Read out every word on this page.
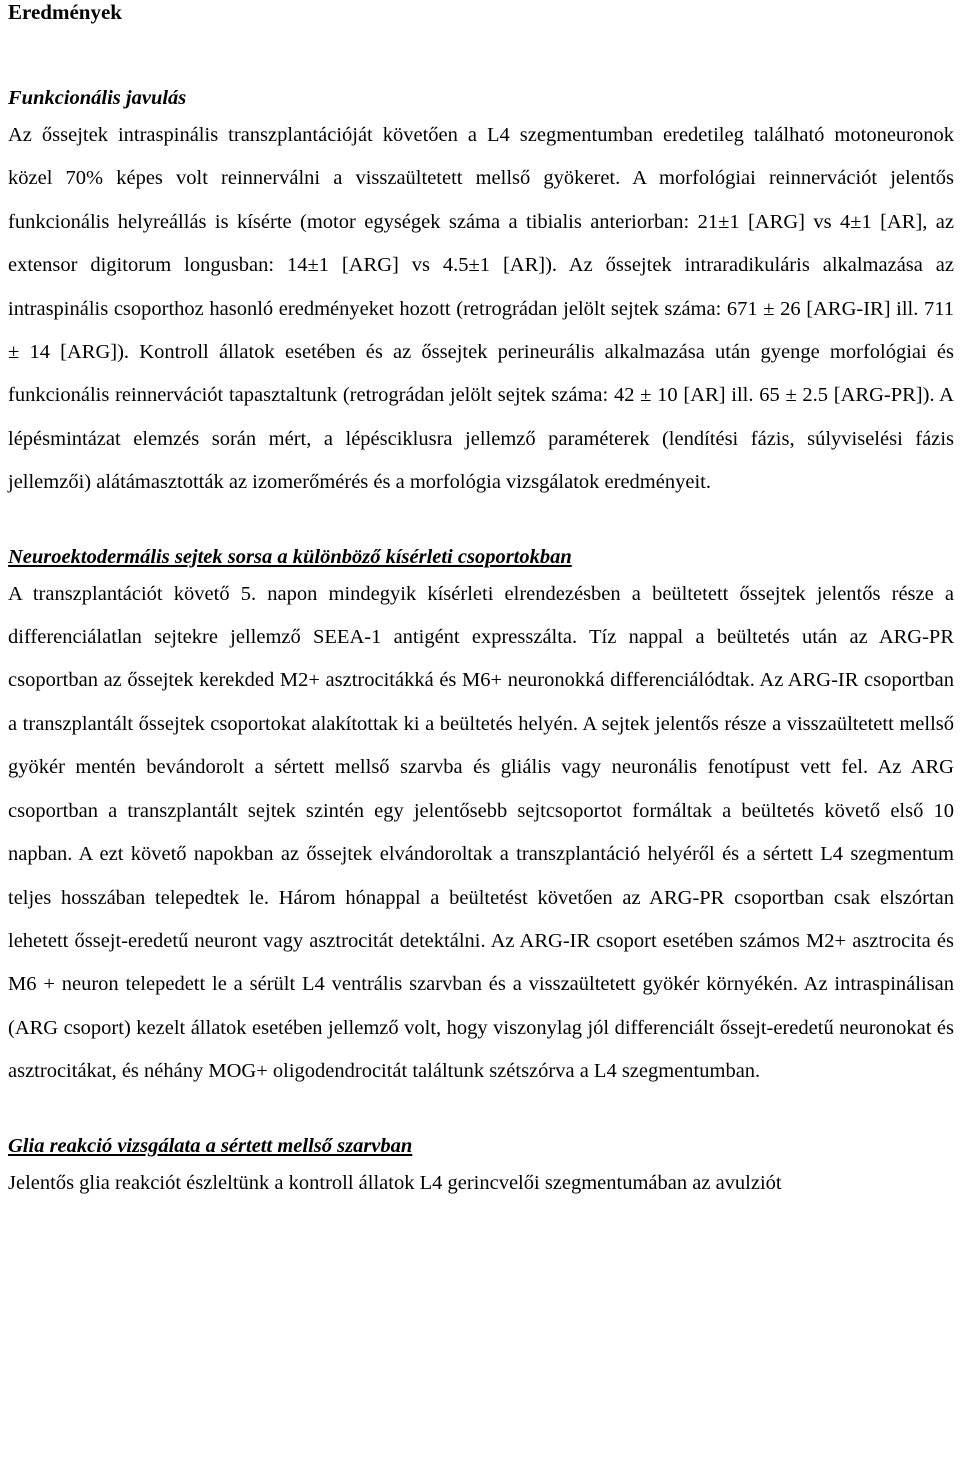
Eredmények
Funkcionális javulás

Az őssejtek intraspinális transzplantációját követően a L4 szegmentumban eredetileg található motoneuronok közel 70% képes volt reinnerválni a visszaültetett mellső gyökeret. A morfológiai reinnervációt jelentős funkcionális helyreállás is kísérte (motor egységek száma a tibialis anteriorban: 21±1 [ARG] vs 4±1 [AR], az extensor digitorum longusban: 14±1 [ARG] vs 4.5±1 [AR]). Az őssejtek intraradikuláris alkalmazása az intraspinális csoporthoz hasonló eredményeket hozott (retrográdan jelölt sejtek száma: 671 ± 26 [ARG-IR] ill. 711 ± 14 [ARG]). Kontroll állatok esetében és az őssejtek perineurális alkalmazása után gyenge morfológiai és funkcionális reinnervációt tapasztaltunk (retrográdan jelölt sejtek száma: 42 ± 10 [AR] ill. 65 ± 2.5 [ARG-PR]). A lépésmintázat elemzés során mért, a lépésciklusra jellemző paraméterek (lendítési fázis, súlyviselési fázis jellemzői) alátámasztották az izomerőmérés és a morfológia vizsgálatok eredményeit.

Neuroektodermális sejtek sorsa a különböző kísérleti csoportokban

A transzplantációt követő 5. napon mindegyik kísérleti elrendezésben a beültetett őssejtek jelentős része a differenciálatlan sejtekre jellemző SEEA-1 antigént expresszálta. Tíz nappal a beültetés után az ARG-PR csoportban az őssejtek kerekded M2+ asztrocitákká és M6+ neuronokká differenciálódtak. Az ARG-IR csoportban a transzplantált őssejtek csoportokat alakítottak ki a beültetés helyén. A sejtek jelentős része a visszaültetett mellső gyökér mentén bevándorolt a sértett mellső szarvba és gliális vagy neuronális fenotípust vett fel. Az ARG csoportban a transzplantált sejtek szintén egy jelentősebb sejtcsoportot formáltak a beültetés követő első 10 napban. A ezt követő napokban az őssejtek elvándoroltak a transzplantáció helyéről és a sértett L4 szegmentum teljes hosszában telepedtek le. Három hónappal a beültetést követően az ARG-PR csoportban csak elszórtan lehetett őssejt-eredetű neuront vagy asztrocitát detektálni. Az ARG-IR csoport esetében számos M2+ asztrocita és M6 + neuron telepedett le a sérült L4 ventrális szarvban és a visszaültetett gyökér környékén. Az intraspinálisan (ARG csoport) kezelt állatok esetében jellemző volt, hogy viszonylag jól differenciált őssejt-eredetű neuronokat és asztrocitákat, és néhány MOG+ oligodendrocitát találtunk szétszórva a L4 szegmentumban.

Glia reakció vizsgálata a sértett mellső szarvban

Jelentős glia reakciót észleltünk a kontroll állatok L4 gerincvelői szegmentumában az avulziót
